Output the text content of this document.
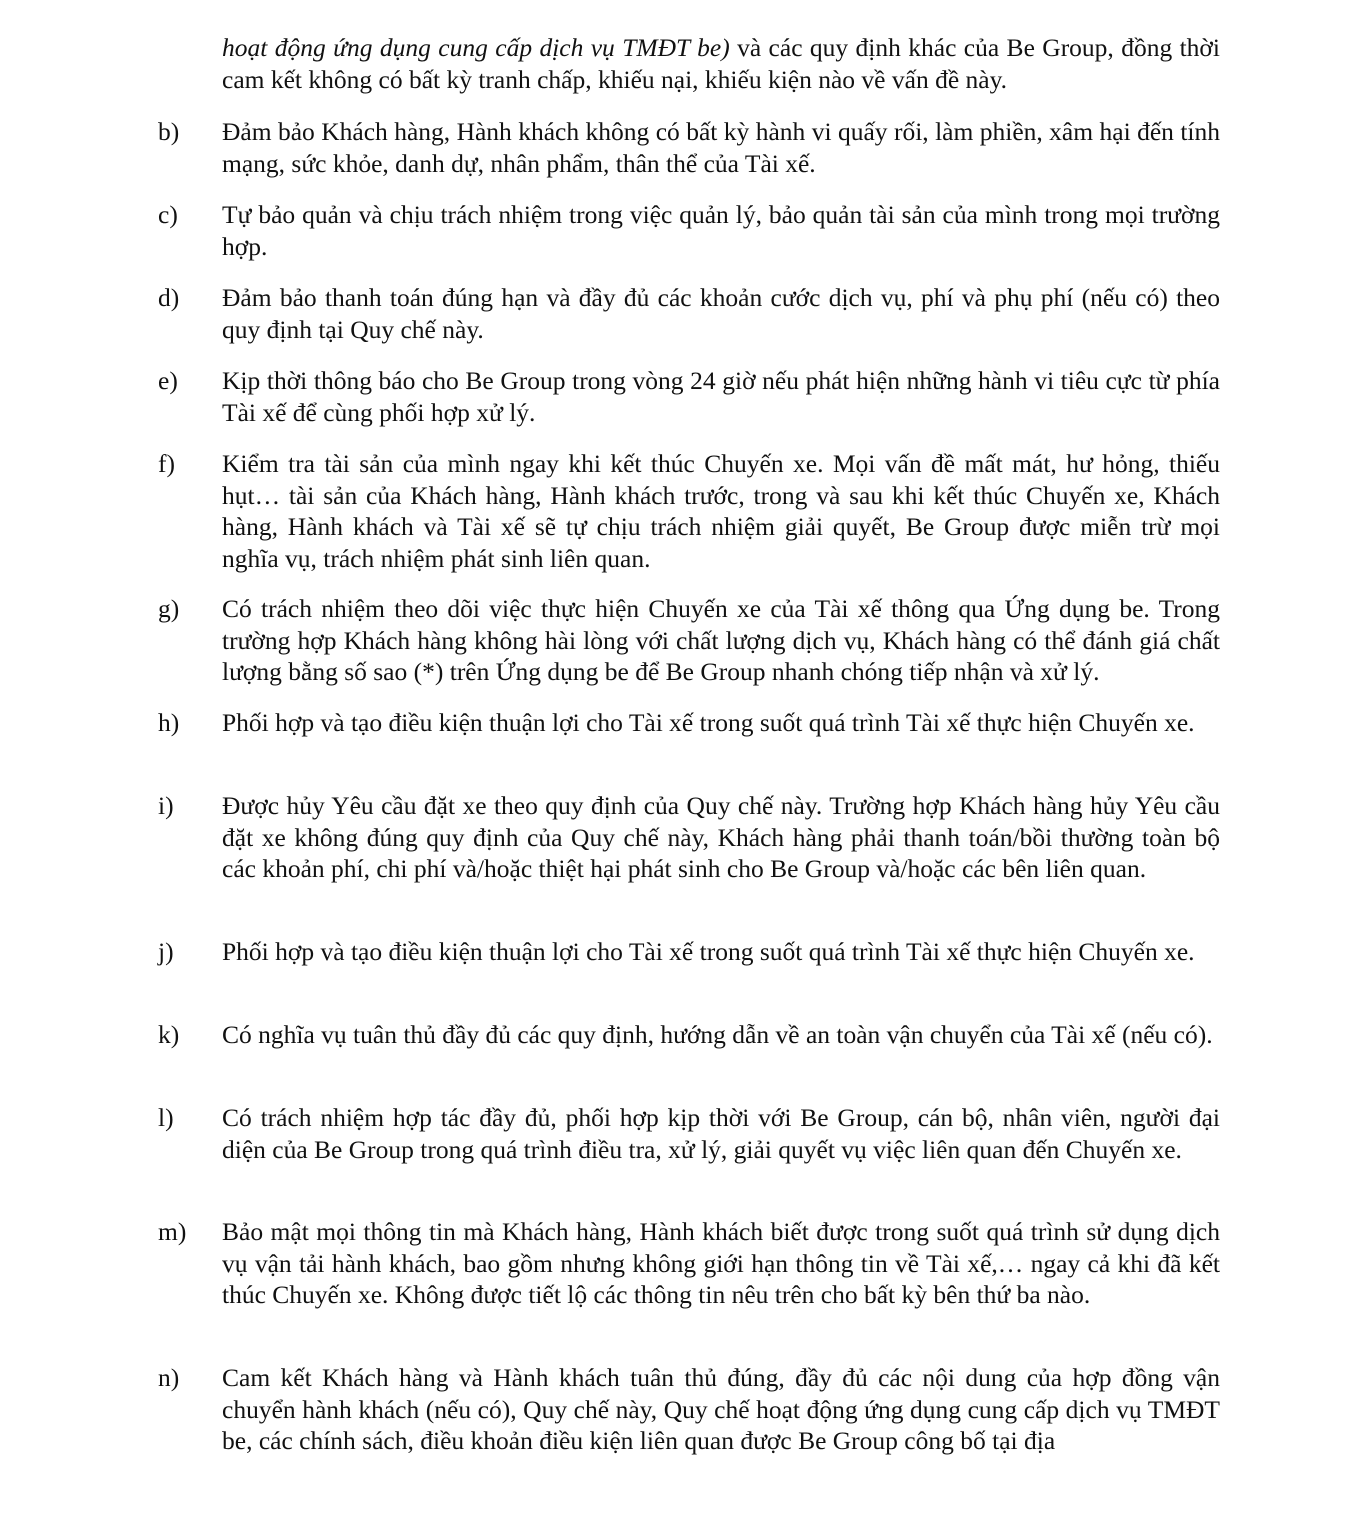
hoạt động ứng dụng cung cấp dịch vụ TMĐT be) và các quy định khác của Be Group, đồng thời cam kết không có bất kỳ tranh chấp, khiếu nại, khiếu kiện nào về vấn đề này.
b)	Đảm bảo Khách hàng, Hành khách không có bất kỳ hành vi quấy rối, làm phiền, xâm hại đến tính mạng, sức khỏe, danh dự, nhân phẩm, thân thể của Tài xế.
c)	Tự bảo quản và chịu trách nhiệm trong việc quản lý, bảo quản tài sản của mình trong mọi trường hợp.
d)	Đảm bảo thanh toán đúng hạn và đầy đủ các khoản cước dịch vụ, phí và phụ phí (nếu có) theo quy định tại Quy chế này.
e)	Kịp thời thông báo cho Be Group trong vòng 24 giờ nếu phát hiện những hành vi tiêu cực từ phía Tài xế để cùng phối hợp xử lý.
f)	Kiểm tra tài sản của mình ngay khi kết thúc Chuyến xe. Mọi vấn đề mất mát, hư hỏng, thiếu hụt… tài sản của Khách hàng, Hành khách trước, trong và sau khi kết thúc Chuyến xe, Khách hàng, Hành khách và Tài xế sẽ tự chịu trách nhiệm giải quyết, Be Group được miễn trừ mọi nghĩa vụ, trách nhiệm phát sinh liên quan.
g)	Có trách nhiệm theo dõi việc thực hiện Chuyến xe của Tài xế thông qua Ứng dụng be. Trong trường hợp Khách hàng không hài lòng với chất lượng dịch vụ, Khách hàng có thể đánh giá chất lượng bằng số sao (*) trên Ứng dụng be để Be Group nhanh chóng tiếp nhận và xử lý.
h)	Phối hợp và tạo điều kiện thuận lợi cho Tài xế trong suốt quá trình Tài xế thực hiện Chuyến xe.
i)	Được hủy Yêu cầu đặt xe theo quy định của Quy chế này. Trường hợp Khách hàng hủy Yêu cầu đặt xe không đúng quy định của Quy chế này, Khách hàng phải thanh toán/bồi thường toàn bộ các khoản phí, chi phí và/hoặc thiệt hại phát sinh cho Be Group và/hoặc các bên liên quan.
j)	Phối hợp và tạo điều kiện thuận lợi cho Tài xế trong suốt quá trình Tài xế thực hiện Chuyến xe.
k)	Có nghĩa vụ tuân thủ đầy đủ các quy định, hướng dẫn về an toàn vận chuyển của Tài xế (nếu có).
l)	Có trách nhiệm hợp tác đầy đủ, phối hợp kịp thời với Be Group, cán bộ, nhân viên, người đại diện của Be Group trong quá trình điều tra, xử lý, giải quyết vụ việc liên quan đến Chuyến xe.
m)	Bảo mật mọi thông tin mà Khách hàng, Hành khách biết được trong suốt quá trình sử dụng dịch vụ vận tải hành khách, bao gồm nhưng không giới hạn thông tin về Tài xế,… ngay cả khi đã kết thúc Chuyến xe. Không được tiết lộ các thông tin nêu trên cho bất kỳ bên thứ ba nào.
n)	Cam kết Khách hàng và Hành khách tuân thủ đúng, đầy đủ các nội dung của hợp đồng vận chuyển hành khách (nếu có), Quy chế này, Quy chế hoạt động ứng dụng cung cấp dịch vụ TMĐT be, các chính sách, điều khoản điều kiện liên quan được Be Group công bố tại địa
